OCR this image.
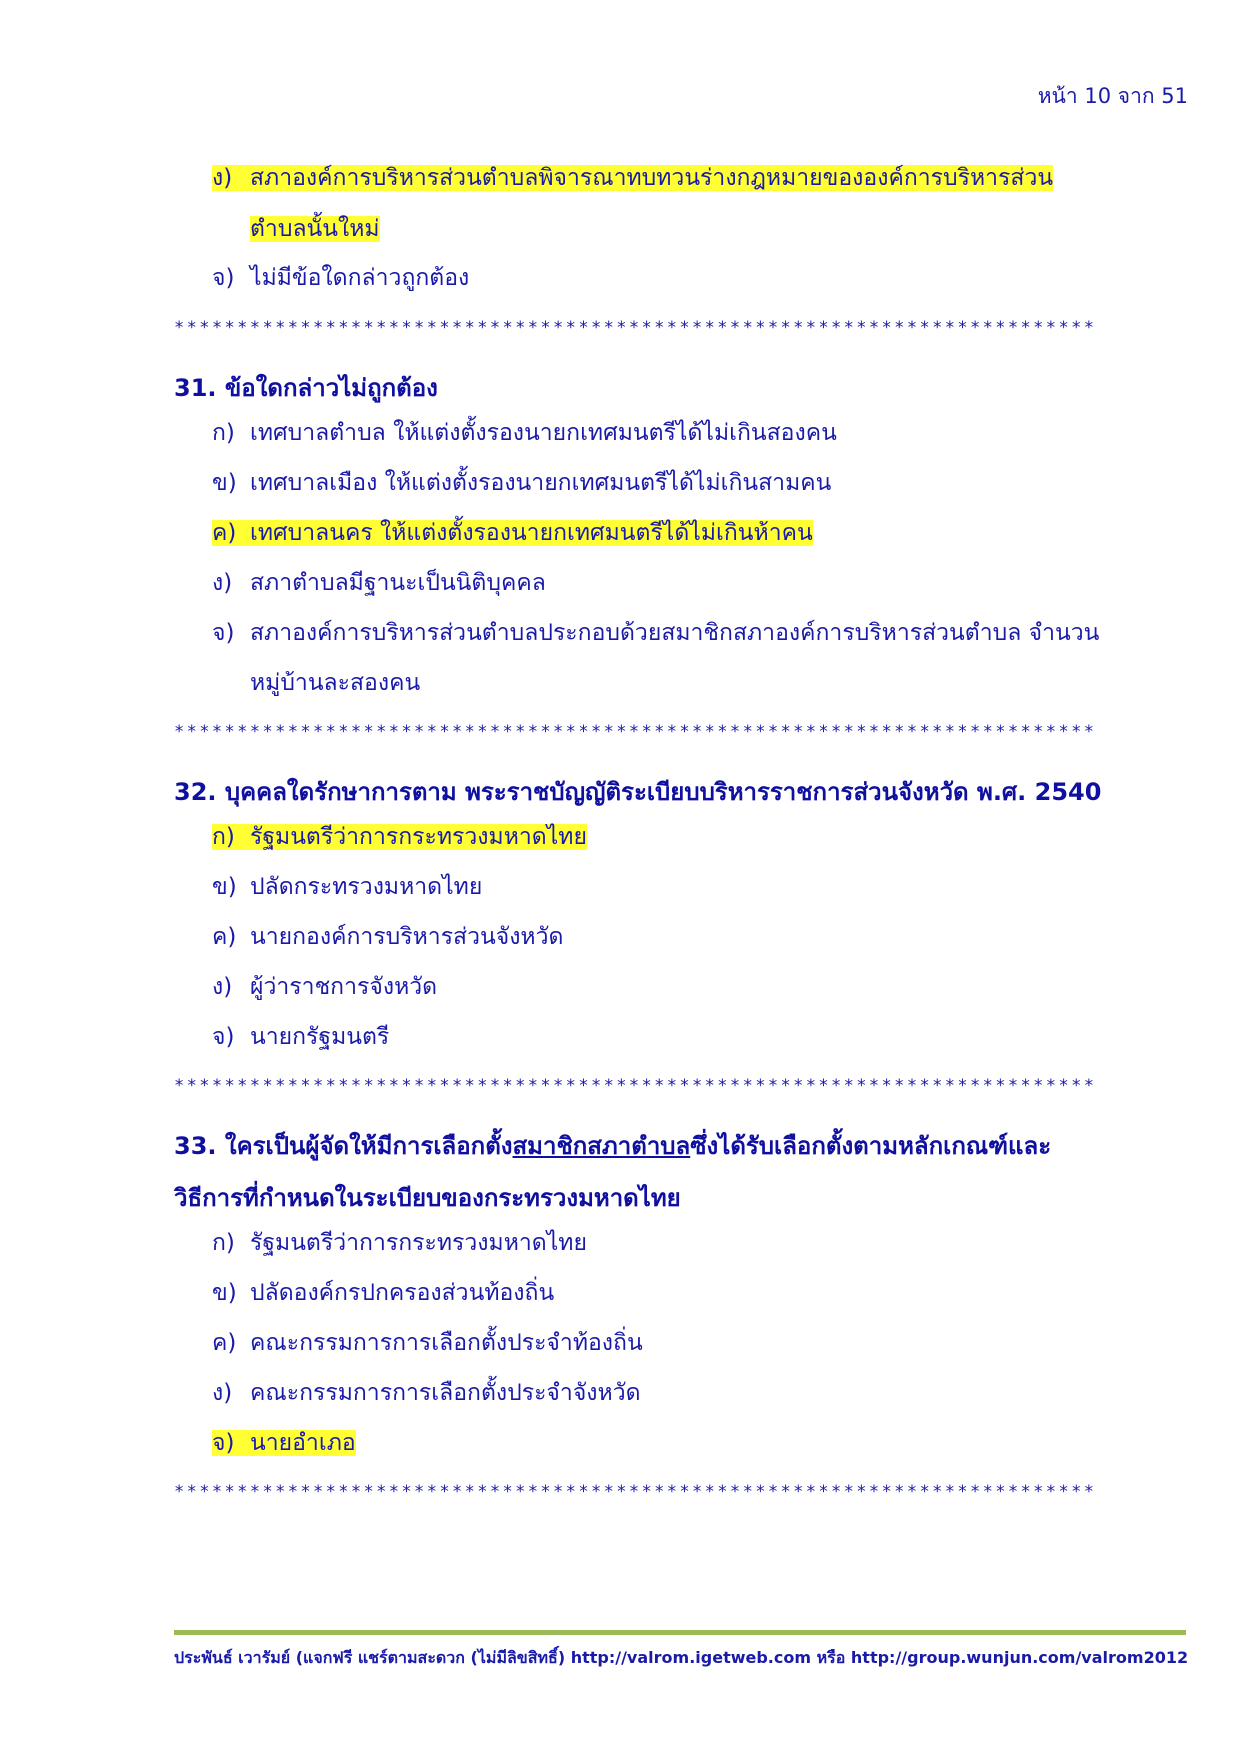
หน้า 10 จาก 51
ง) สภาองค์การบริหารส่วนตำบลพิจารณาทบทวนร่างกฎหมายขององค์การบริหารส่วน
ตำบลนั้นใหม่
จ) ไม่มีข้อใดกล่าวถูกต้อง
*************************************************************************
31. ข้อใดกล่าวไม่ถูกต้อง
ก) เทศบาลตำบล ให้แต่งตั้งรองนายกเทศมนตรีได้ไม่เกินสองคน
ข) เทศบาลเมือง ให้แต่งตั้งรองนายกเทศมนตรีได้ไม่เกินสามคน
ค) เทศบาลนคร ให้แต่งตั้งรองนายกเทศมนตรีได้ไม่เกินห้าคน
ง) สภาตำบลมีฐานะเป็นนิติบุคคล
จ) สภาองค์การบริหารส่วนตำบลประกอบด้วยสมาชิกสภาองค์การบริหารส่วนตำบล จำนวน
หมู่บ้านละสองคน
*************************************************************************
32. บุคคลใดรักษาการตาม พระราชบัญญัติระเบียบบริหารราชการส่วนจังหวัด พ.ศ. 2540
ก) รัฐมนตรีว่าการกระทรวงมหาดไทย
ข) ปลัดกระทรวงมหาดไทย
ค) นายกองค์การบริหารส่วนจังหวัด
ง) ผู้ว่าราชการจังหวัด
จ) นายกรัฐมนตรี
*************************************************************************
33. ใครเป็นผู้จัดให้มีการเลือกตั้งสมาชิกสภาตำบลซึ่งได้รับเลือกตั้งตามหลักเกณฑ์และ
วิธีการที่กำหนดในระเบียบของกระทรวงมหาดไทย
ก) รัฐมนตรีว่าการกระทรวงมหาดไทย
ข) ปลัดองค์กรปกครองส่วนท้องถิ่น
ค) คณะกรรมการการเลือกตั้งประจำท้องถิ่น
ง) คณะกรรมการการเลือกตั้งประจำจังหวัด
จ) นายอำเภอ
*************************************************************************
ประพันธ์ เวารัมย์ (แจกฟรี แชร์ตามสะดวก (ไม่มีลิขสิทธิ์) http://valrom.igetweb.com หรือ http://group.wunjun.com/valrom2012
